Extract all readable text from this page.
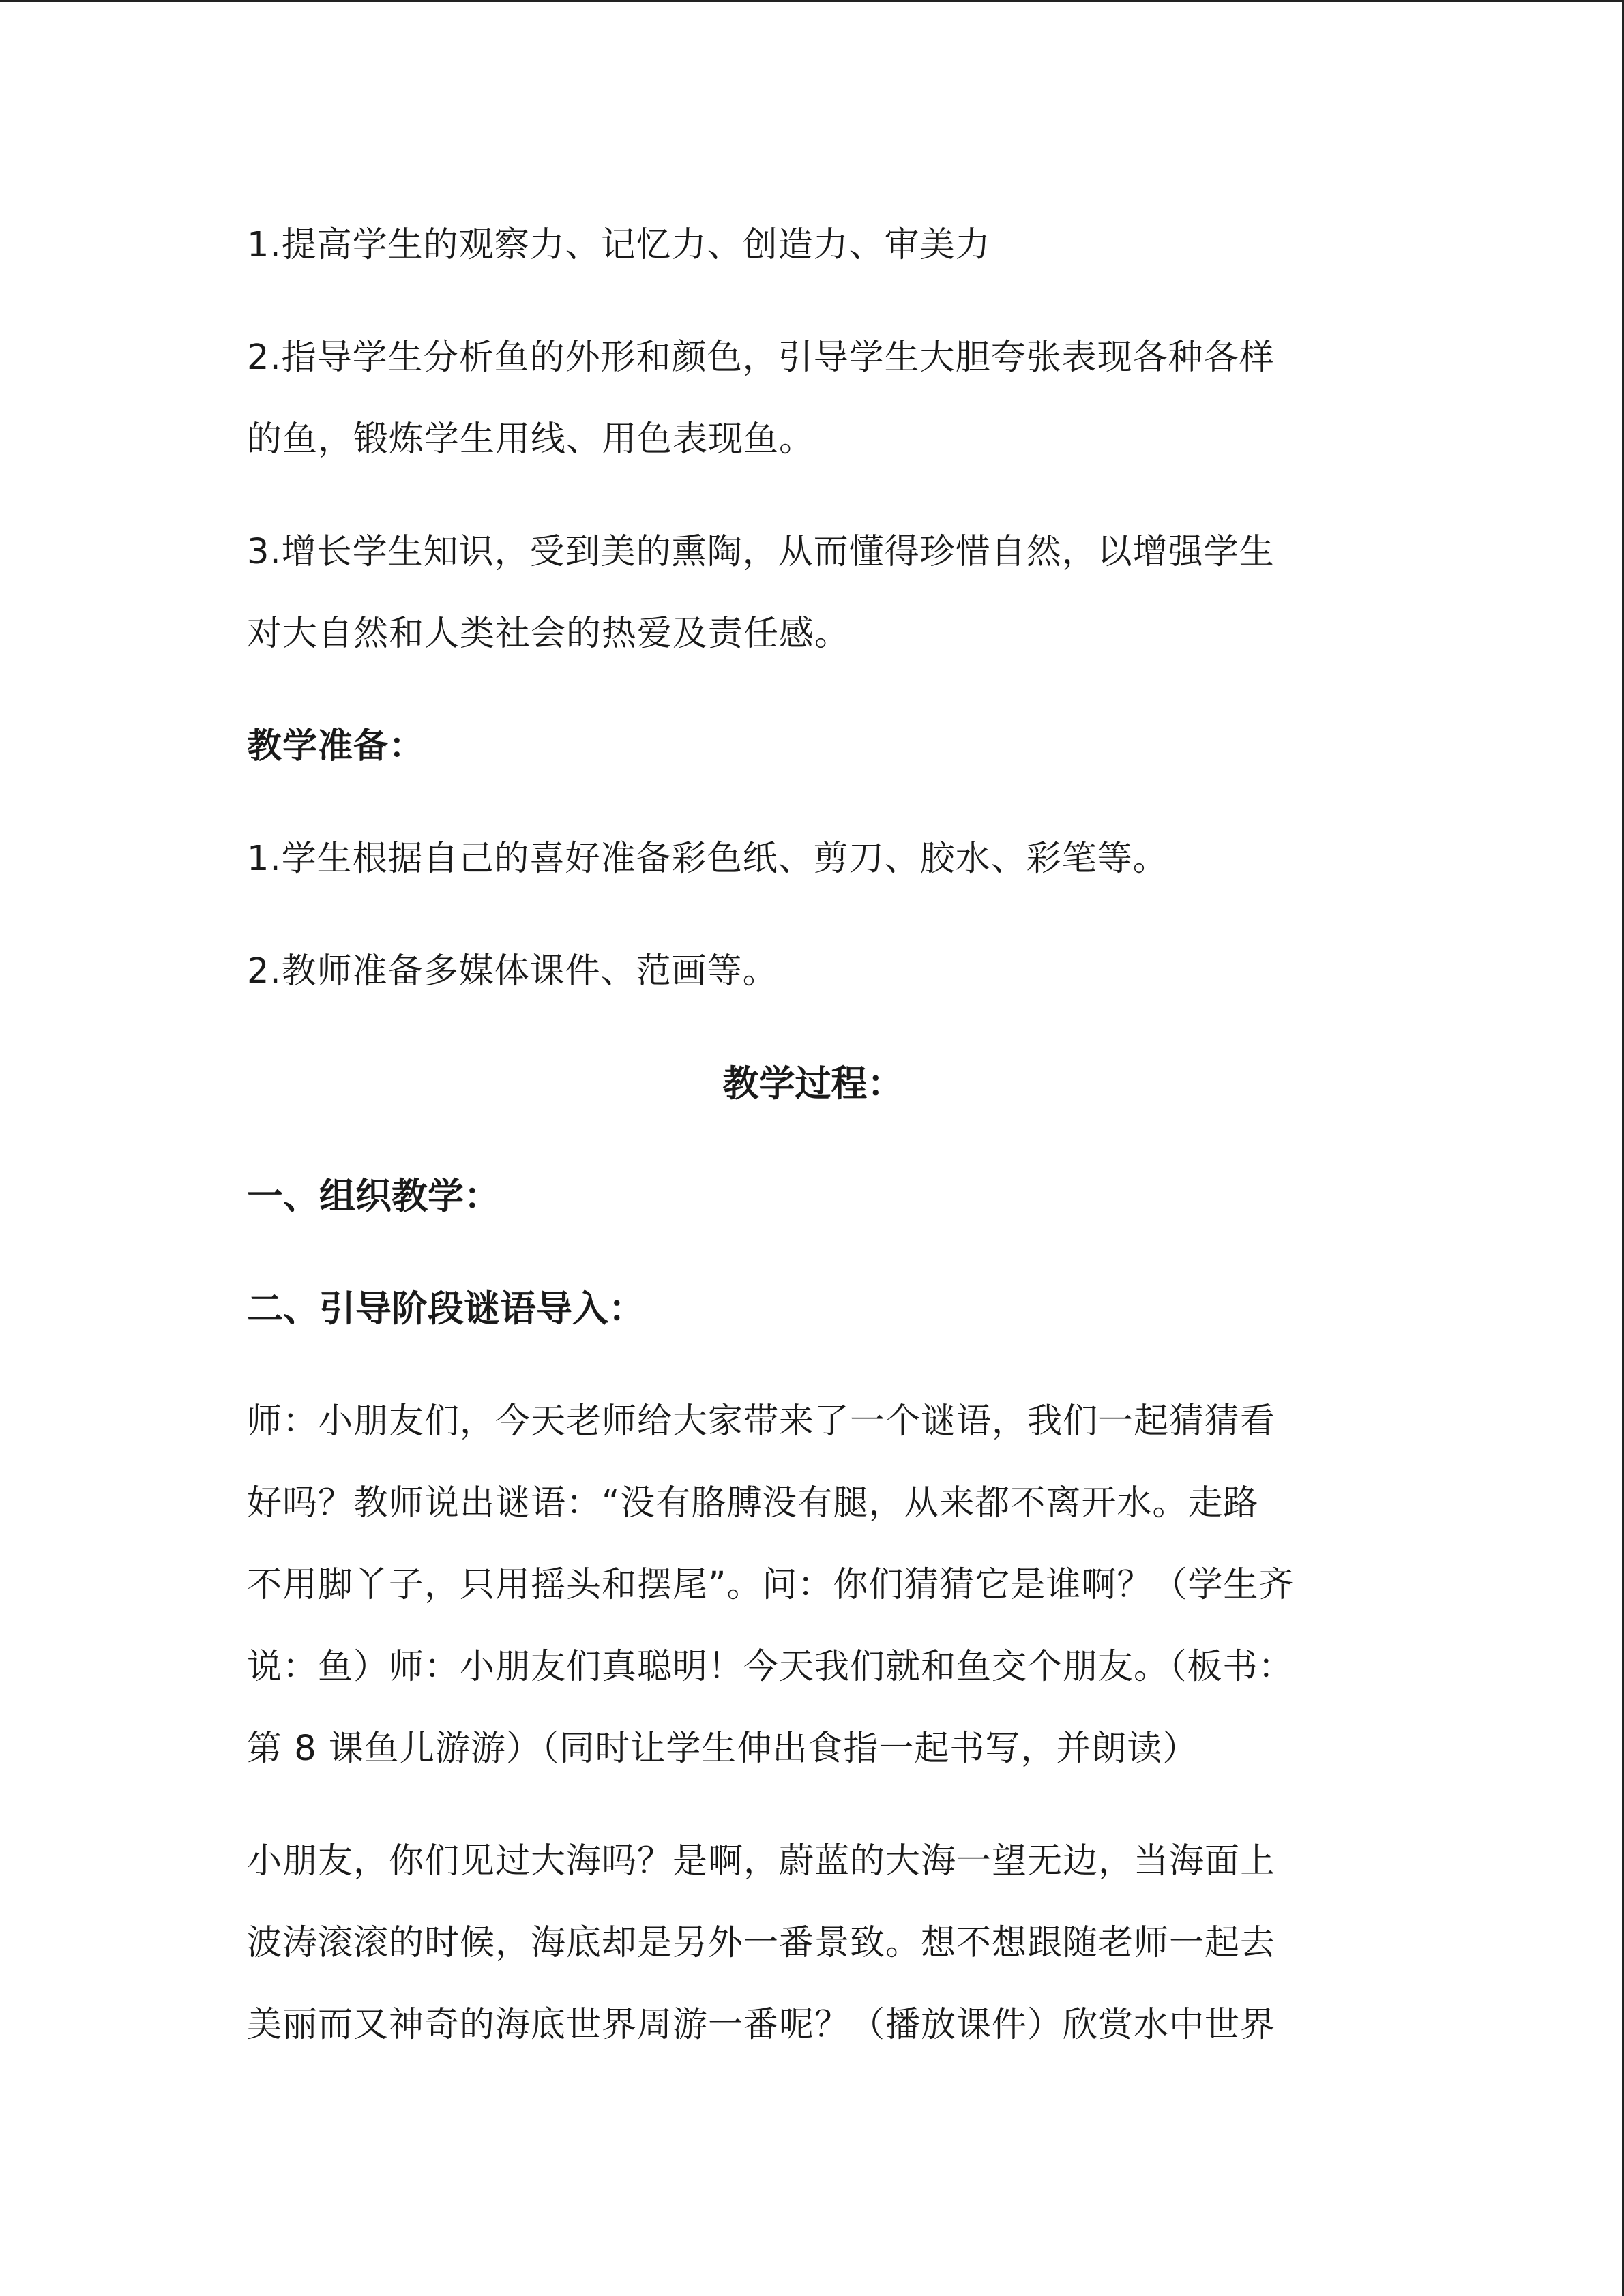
1.提高学生的观察力、记忆力、创造力、审美力
2.指导学生分析鱼的外形和颜色，引导学生大胆夸张表现各种各样
的鱼，锻炼学生用线、用色表现鱼。
3.增长学生知识，受到美的熏陶，从而懂得珍惜自然，以增强学生
对大自然和人类社会的热爱及责任感。
教学准备：
1.学生根据自己的喜好准备彩色纸、剪刀、胶水、彩笔等。
2.教师准备多媒体课件、范画等。
教学过程：
一、组织教学：
二、引导阶段谜语导入：
师：小朋友们，今天老师给大家带来了一个谜语，我们一起猜猜看
好吗？教师说出谜语：“没有胳膊没有腿，从来都不离开水。走路
不用脚丫子，只用摇头和摆尾”。问：你们猜猜它是谁啊？（学生齐
说：鱼）师：小朋友们真聪明！今天我们就和鱼交个朋友。（板书：
第 8 课鱼儿游游）（同时让学生伸出食指一起书写，并朗读）
小朋友，你们见过大海吗？是啊，蔚蓝的大海一望无边，当海面上
波涛滚滚的时候，海底却是另外一番景致。想不想跟随老师一起去
美丽而又神奇的海底世界周游一番呢？（播放课件）欣赏水中世界
